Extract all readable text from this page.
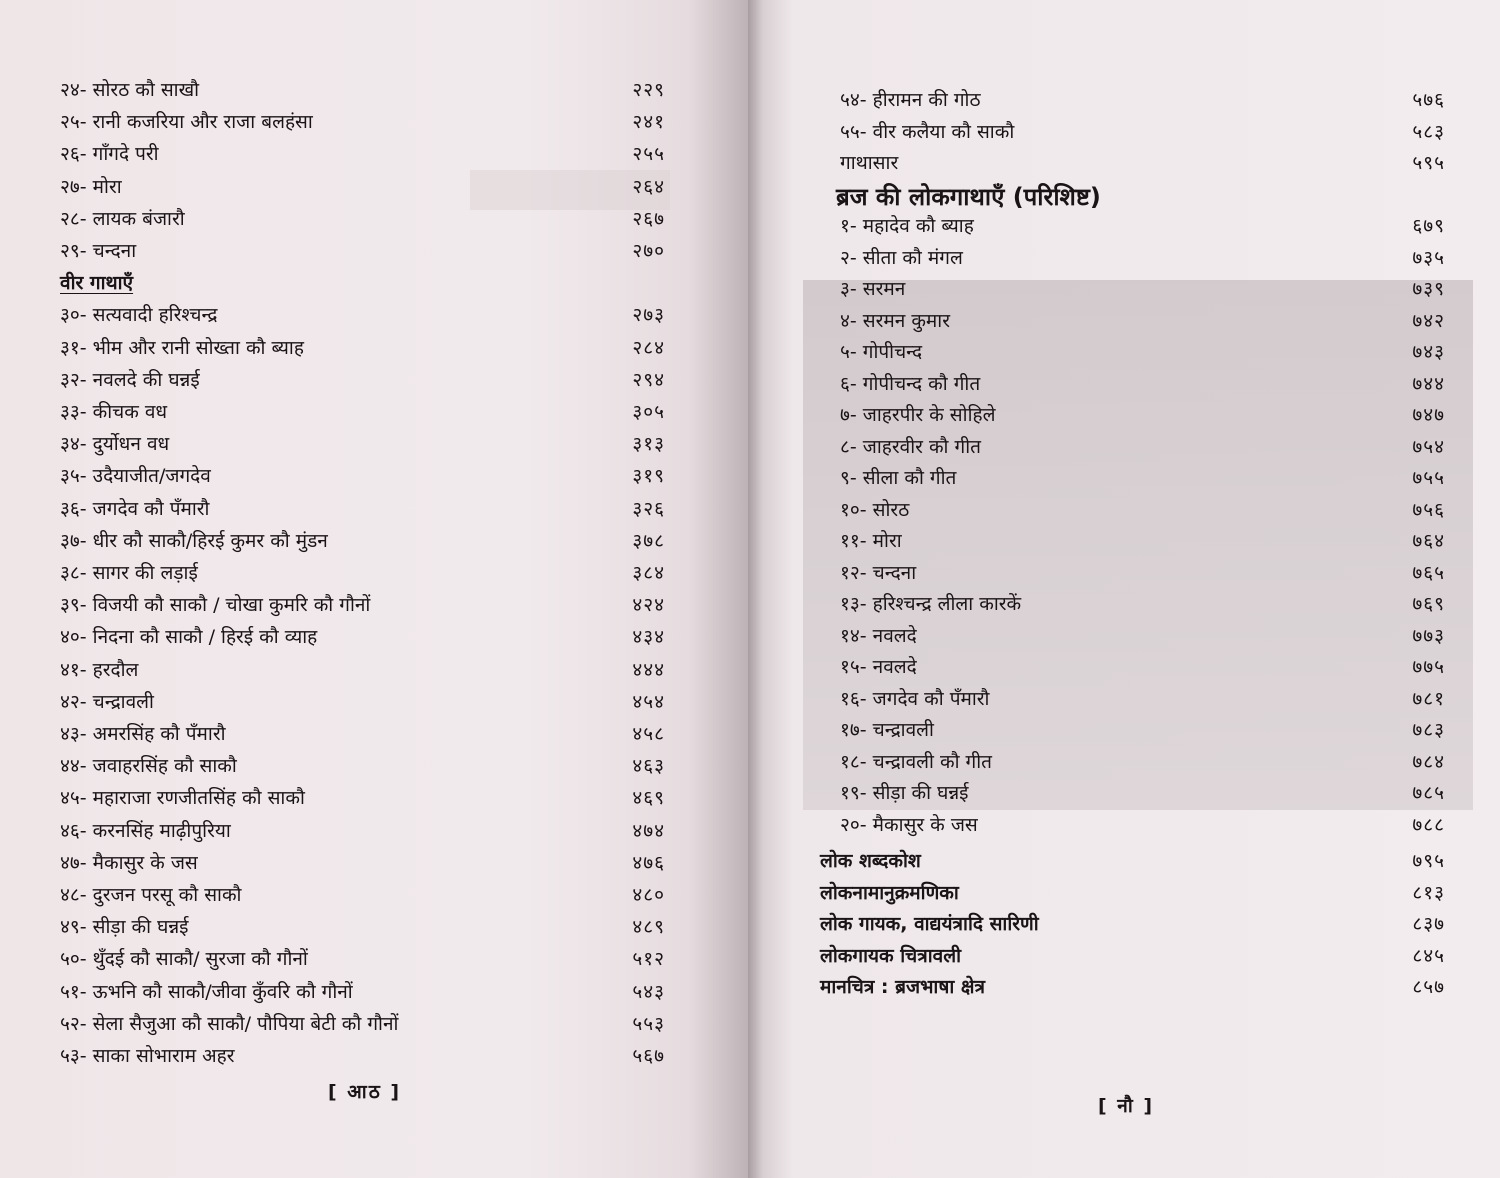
२४- सोरठ कौ साखौ	२२९
२५- रानी कजरिया और राजा बलहंसा	२४१
२६- गाँगदे परी	२५५
२७- मोरा	२६४
२८- लायक बंजारौ	२६७
२९- चन्दना	२७०
वीर गाथाएँ
३०- सत्यवादी हरिश्चन्द्र	२७३
३१- भीम और रानी सोख्ता कौ ब्याह	२८४
३२- नवलदे की घन्नई	२९४
३३- कीचक वध	३०५
३४- दुर्योधन वध	३१३
३५- उदैयाजीत/जगदेव	३१९
३६- जगदेव कौ पँमारौ	३२६
३७- धीर कौ साकौ/हिरई कुमर कौ मुंडन	३७८
३८- सागर की लड़ाई	३८४
३९- विजयी कौ साकौ / चोखा कुमरि कौ गौनों	४२४
४०- निदना कौ साकौ / हिरई कौ व्याह	४३४
४१- हरदौल	४४४
४२- चन्द्रावली	४५४
४३- अमरसिंह कौ पँमारौ	४५८
४४- जवाहरसिंह कौ साकौ	४६३
४५- महाराजा रणजीतसिंह कौ साकौ	४६९
४६- करनसिंह माढ़ीपुरिया	४७४
४७- मैकासुर के जस	४७६
४८- दुरजन परसू कौ साकौ	४८०
४९- सीड़ा की घन्नई	४८९
५०- थुँदई कौ साकौ/ सुरजा कौ गौनों	५१२
५१- ऊभनि कौ साकौ/जीवा कुँवरि कौ गौनों	५४३
५२- सेला सैजुआ कौ साकौ/ पौपिया बेटी कौ गौनों	५५३
५३- साका सोभाराम अहर	५६७
[ आठ ]
५४- हीरामन की गोठ	५७६
५५- वीर कलैया कौ साकौ	५८३
गाथासार	५९५
ब्रज की लोकगाथाएँ (परिशिष्ट)
१- महादेव कौ ब्याह	६७९
२- सीता कौ मंगल	७३५
३- सरमन	७३९
४- सरमन कुमार	७४२
५- गोपीचन्द	७४३
६- गोपीचन्द कौ गीत	७४४
७- जाहरपीर के सोहिले	७४७
८- जाहरवीर कौ गीत	७५४
९- सीला कौ गीत	७५५
१०- सोरठ	७५६
११- मोरा	७६४
१२- चन्दना	७६५
१३- हरिश्चन्द्र लीला कारकें	७६९
१४- नवलदे	७७३
१५- नवलदे	७७५
१६- जगदेव कौ पँमारौ	७८१
१७- चन्द्रावली	७८३
१८- चन्द्रावली कौ गीत	७८४
१९- सीड़ा की घन्नई	७८५
२०- मैकासुर के जस	७८८
लोक शब्दकोश	७९५
लोकनामानुक्रमणिका	८१३
लोक गायक, वाद्ययंत्रादि सारिणी	८३७
लोकगायक चित्रावली	८४५
मानचित्र : ब्रजभाषा क्षेत्र	८५७
[ नौ ]
